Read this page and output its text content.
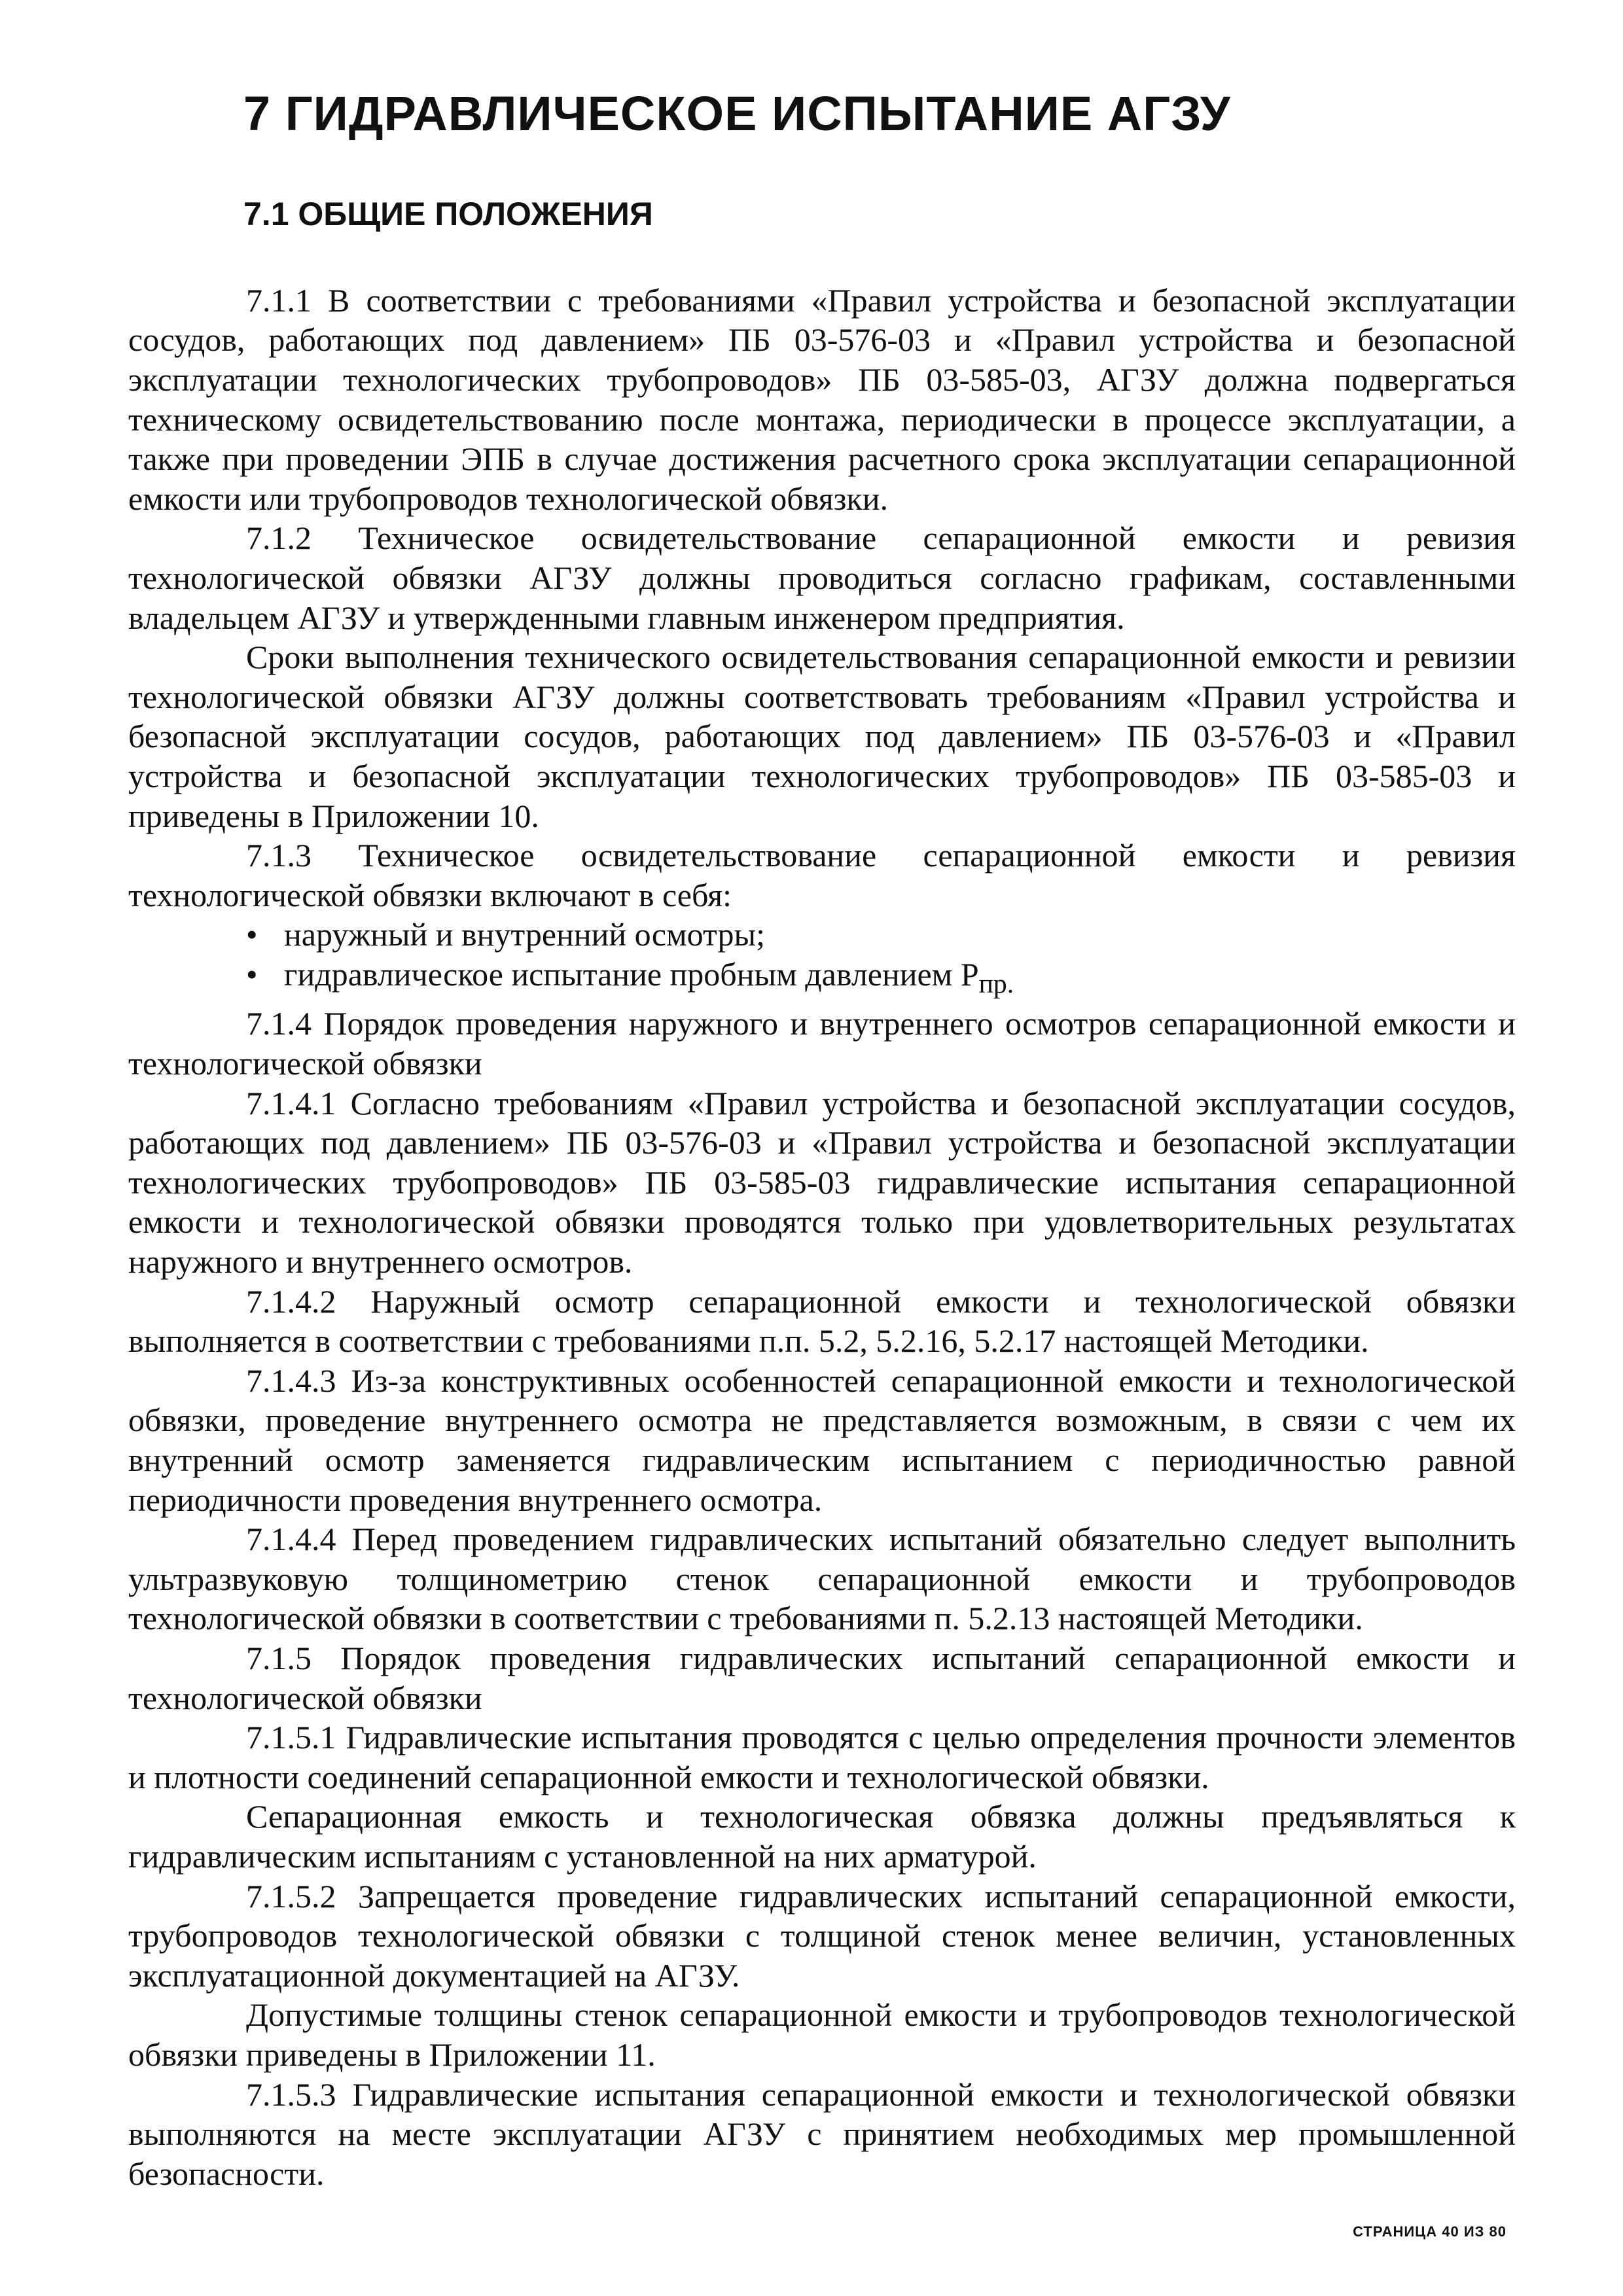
7 ГИДРАВЛИЧЕСКОЕ ИСПЫТАНИЕ АГЗУ
7.1 ОБЩИЕ ПОЛОЖЕНИЯ

7.1.1 В соответствии с требованиями «Правил устройства и безопасной эксплуатации сосудов, работающих под давлением» ПБ 03-576-03 и «Правил устройства и безопасной эксплуатации технологических трубопроводов» ПБ 03-585-03, АГЗУ должна подвергаться техническому освидетельствованию после монтажа, периодически в процессе эксплуатации, а также при проведении ЭПБ в случае достижения расчетного срока эксплуатации сепарационной емкости или трубопроводов технологической обвязки.

7.1.2 Техническое освидетельствование сепарационной емкости и ревизия технологической обвязки АГЗУ должны проводиться согласно графикам, составленными владельцем АГЗУ и утвержденными главным инженером предприятия.

Сроки выполнения технического освидетельствования сепарационной емкости и ревизии технологической обвязки АГЗУ должны соответствовать требованиям «Правил устройства и безопасной эксплуатации сосудов, работающих под давлением» ПБ 03-576-03 и «Правил устройства и безопасной эксплуатации технологических трубопроводов» ПБ 03-585-03 и приведены в Приложении 10.

7.1.3 Техническое освидетельствование сепарационной емкости и ревизия технологической обвязки включают в себя:

• наружный и внутренний осмотры;
• гидравлическое испытание пробным давлением $P_{пр.}$

7.1.4 Порядок проведения наружного и внутреннего осмотров сепарационной емкости и технологической обвязки

7.1.4.1 Согласно требованиям «Правил устройства и безопасной эксплуатации сосудов, работающих под давлением» ПБ 03-576-03 и «Правил устройства и безопасной эксплуатации технологических трубопроводов» ПБ 03-585-03 гидравлические испытания сепарационной емкости и технологической обвязки проводятся только при удовлетворительных результатах наружного и внутреннего осмотров.

7.1.4.2 Наружный осмотр сепарационной емкости и технологической обвязки выполняется в соответствии с требованиями п.п. 5.2, 5.2.16, 5.2.17 настоящей Методики.

7.1.4.3 Из-за конструктивных особенностей сепарационной емкости и технологической обвязки, проведение внутреннего осмотра не представляется возможным, в связи с чем их внутренний осмотр заменяется гидравлическим испытанием с периодичностью равной периодичности проведения внутреннего осмотра.

7.1.4.4 Перед проведением гидравлических испытаний обязательно следует выполнить ультразвуковую толщинометрию стенок сепарационной емкости и трубопроводов технологической обвязки в соответствии с требованиями п. 5.2.13 настоящей Методики.

7.1.5 Порядок проведения гидравлических испытаний сепарационной емкости и технологической обвязки

7.1.5.1 Гидравлические испытания проводятся с целью определения прочности элементов и плотности соединений сепарационной емкости и технологической обвязки.

Сепарационная емкость и технологическая обвязка должны предъявляться к гидравлическим испытаниям с установленной на них арматурой.

7.1.5.2 Запрещается проведение гидравлических испытаний сепарационной емкости, трубопроводов технологической обвязки с толщиной стенок менее величин, установленных эксплуатационной документацией на АГЗУ.

Допустимые толщины стенок сепарационной емкости и трубопроводов технологической обвязки приведены в Приложении 11.

7.1.5.3 Гидравлические испытания сепарационной емкости и технологической обвязки выполняются на месте эксплуатации АГЗУ с принятием необходимых мер промышленной безопасности.

СТРАНИЦА 40 ИЗ 80
